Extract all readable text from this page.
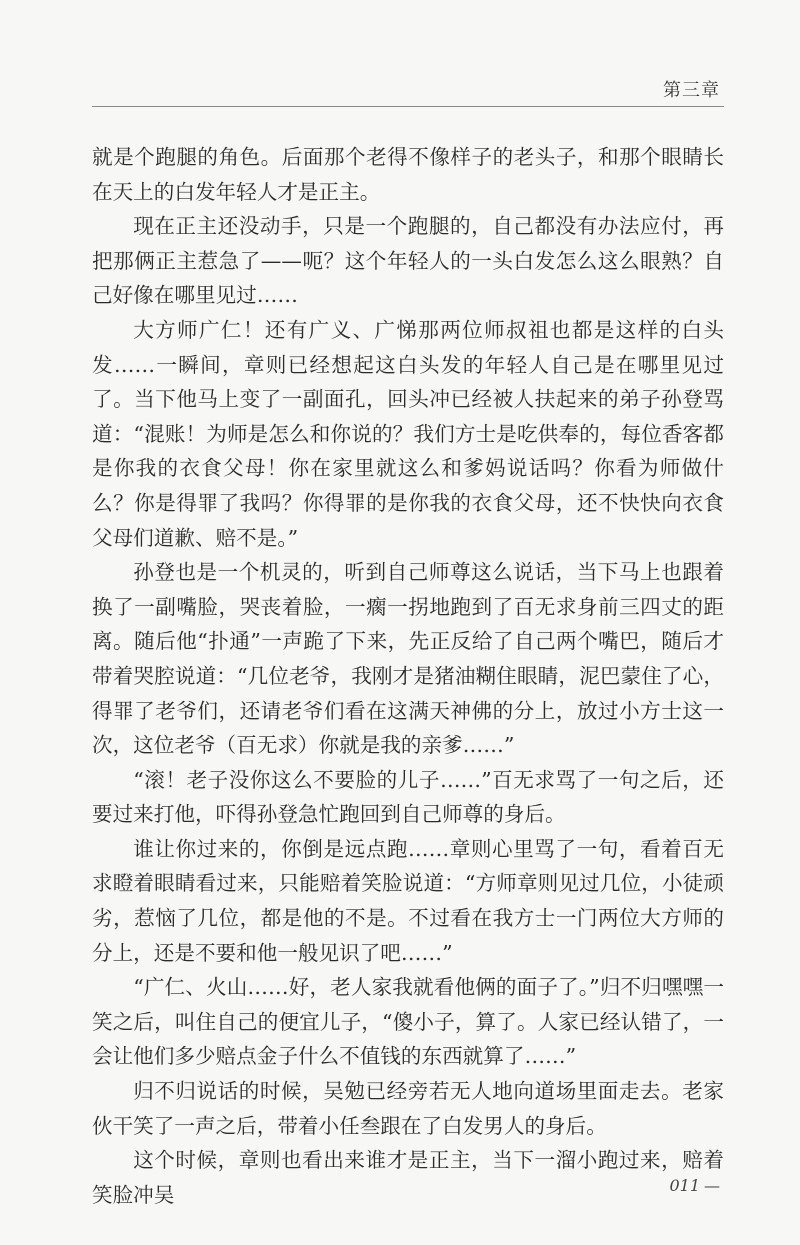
第三章

就是个跑腿的角色。后面那个老得不像样子的老头子，和那个眼睛长在天上的白发年轻人才是正主。

现在正主还没动手，只是一个跑腿的，自己都没有办法应付，再把那俩正主惹急了——呃？这个年轻人的一头白发怎么这么眼熟？自己好像在哪里见过……

大方师广仁！还有广义、广悌那两位师叔祖也都是这样的白头发……一瞬间，章则已经想起这白头发的年轻人自己是在哪里见过了。当下他马上变了一副面孔，回头冲已经被人扶起来的弟子孙登骂道：“混账！为师是怎么和你说的？我们方士是吃供奉的，每位香客都是你我的衣食父母！你在家里就这么和爹妈说话吗？你看为师做什么？你是得罪了我吗？你得罪的是你我的衣食父母，还不快快向衣食父母们道歉、赔不是。”

孙登也是一个机灵的，听到自己师尊这么说话，当下马上也跟着换了一副嘴脸，哭丧着脸，一瘸一拐地跑到了百无求身前三四丈的距离。随后他“扑通”一声跪了下来，先正反给了自己两个嘴巴，随后才带着哭腔说道：“几位老爷，我刚才是猪油糊住眼睛，泥巴蒙住了心，得罪了老爷们，还请老爷们看在这满天神佛的分上，放过小方士这一次，这位老爷（百无求）你就是我的亲爹……”

“滚！老子没你这么不要脸的儿子……”百无求骂了一句之后，还要过来打他，吓得孙登急忙跑回到自己师尊的身后。

谁让你过来的，你倒是远点跑……章则心里骂了一句，看着百无求瞪着眼睛看过来，只能赔着笑脸说道：“方师章则见过几位，小徒顽劣，惹恼了几位，都是他的不是。不过看在我方士一门两位大方师的分上，还是不要和他一般见识了吧……”

“广仁、火山……好，老人家我就看他俩的面子了。”归不归嘿嘿一笑之后，叫住自己的便宜儿子，“傻小子，算了。人家已经认错了，一会让他们多少赔点金子什么不值钱的东西就算了……”

归不归说话的时候，吴勉已经旁若无人地向道场里面走去。老家伙干笑了一声之后，带着小任叁跟在了白发男人的身后。

这个时候，章则也看出来谁才是正主，当下一溜小跑过来，赔着笑脸冲吴	011 —
